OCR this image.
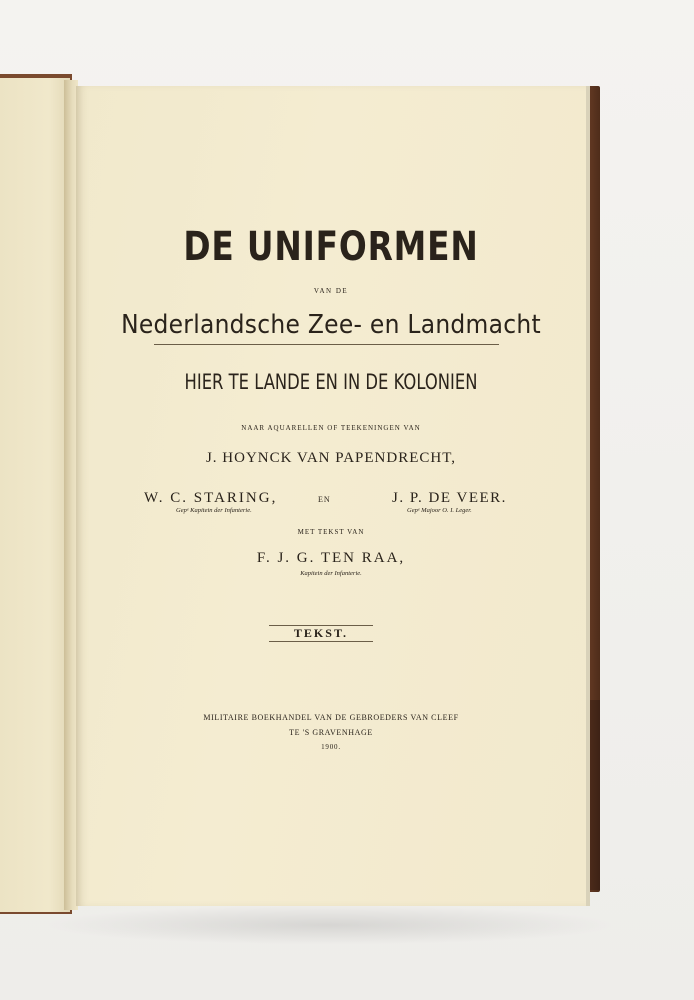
DE UNIFORMEN
VAN DE
Nederlandsche Zee- en Landmacht
HIER TE LANDE EN IN DE KOLONIEN
NAAR AQUARELLEN OF TEEKENINGEN VAN
J. HOYNCK VAN PAPENDRECHT,
W. C. STARING,
Gepᵉ Kapitein der Infanterie.
EN	J. P. DE VEER.
Gepᵉ Majoor O. I. Leger.
MET TEKST VAN
F. J. G. TEN RAA,
Kapitein der Infanterie.
TEKST.
MILITAIRE BOEKHANDEL VAN DE GEBROEDERS VAN CLEEF
TE 'S GRAVENHAGE
1900.
